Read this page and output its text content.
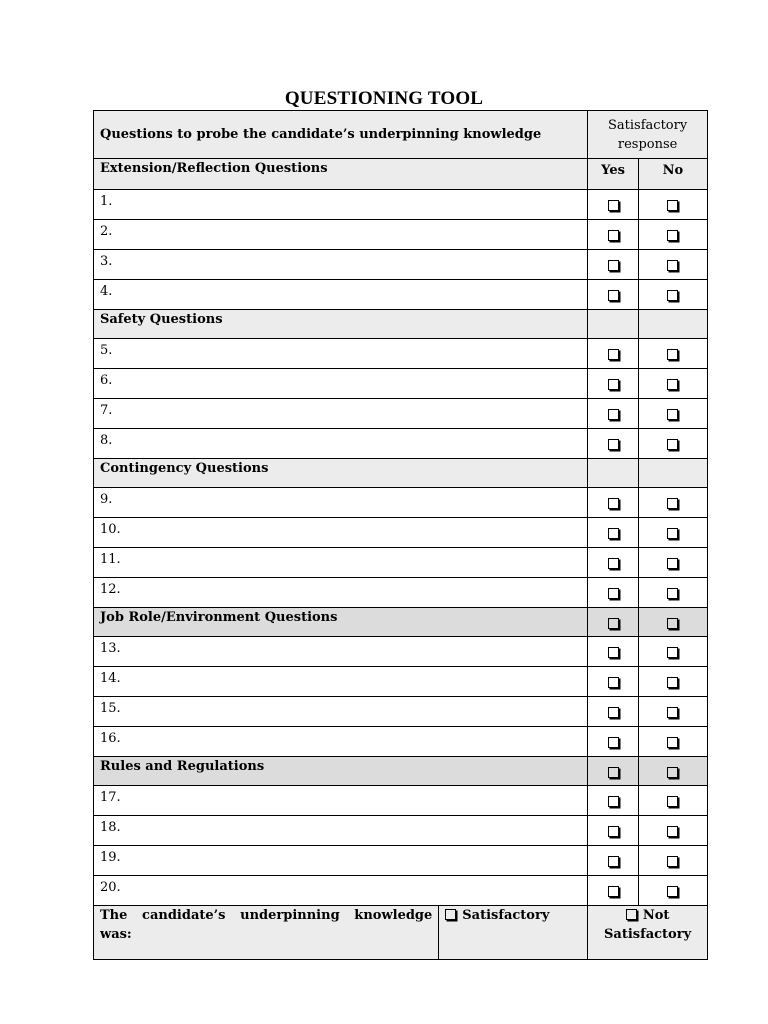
QUESTIONING TOOL
Questions to probe the candidate’s underpinning knowledge		Satisfactory response	
Extension/Reflection Questions		Yes	No
1.			
2.			
3.			
4.			
Safety Questions			
5.			
6.			
7.			
8.			
Contingency Questions			
9.			
10.			
11.			
12.			
Job Role/Environment Questions			
13.			
14.			
15.			
16.			
Rules and Regulations			
17.			
18.			
19.			
20.			
The candidate’s underpinning knowledge was:	Satisfactory	Not Satisfactory	
